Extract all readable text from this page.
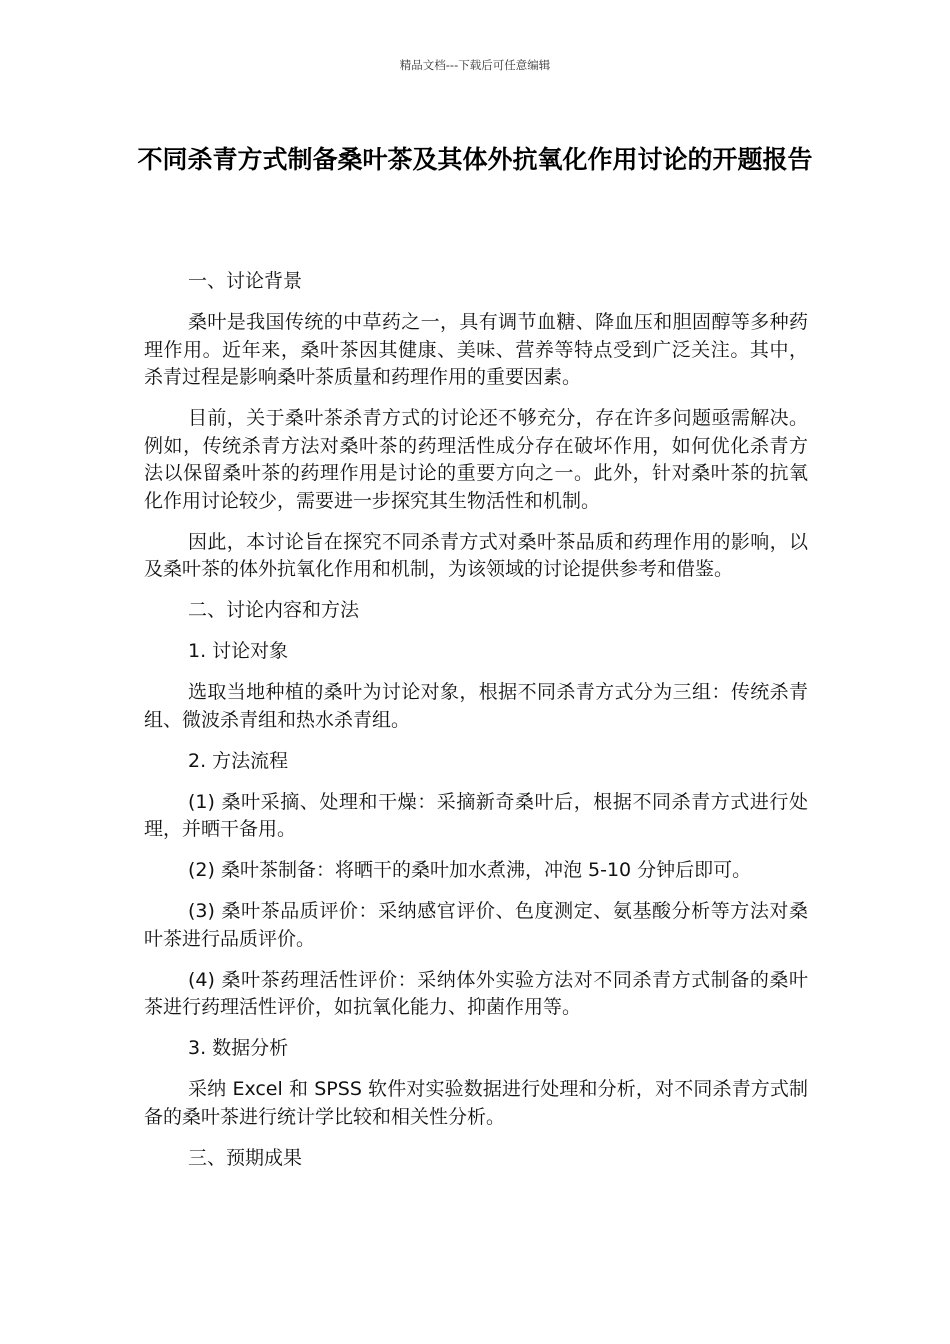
精品文档---下载后可任意编辑
不同杀青方式制备桑叶茶及其体外抗氧化作用讨论的开题报告

一、讨论背景

桑叶是我国传统的中草药之一，具有调节血糖、降血压和胆固醇等多种药理作用。近年来，桑叶茶因其健康、美味、营养等特点受到广泛关注。其中，杀青过程是影响桑叶茶质量和药理作用的重要因素。

目前，关于桑叶茶杀青方式的讨论还不够充分，存在许多问题亟需解决。例如，传统杀青方法对桑叶茶的药理活性成分存在破坏作用，如何优化杀青方法以保留桑叶茶的药理作用是讨论的重要方向之一。此外，针对桑叶茶的抗氧化作用讨论较少，需要进一步探究其生物活性和机制。

因此，本讨论旨在探究不同杀青方式对桑叶茶品质和药理作用的影响，以及桑叶茶的体外抗氧化作用和机制，为该领域的讨论提供参考和借鉴。

二、讨论内容和方法

1. 讨论对象

选取当地种植的桑叶为讨论对象，根据不同杀青方式分为三组：传统杀青组、微波杀青组和热水杀青组。

2. 方法流程

(1) 桑叶采摘、处理和干燥：采摘新奇桑叶后，根据不同杀青方式进行处理，并晒干备用。

(2) 桑叶茶制备：将晒干的桑叶加水煮沸，冲泡 5-10 分钟后即可。

(3) 桑叶茶品质评价：采纳感官评价、色度测定、氨基酸分析等方法对桑叶茶进行品质评价。

(4) 桑叶茶药理活性评价：采纳体外实验方法对不同杀青方式制备的桑叶茶进行药理活性评价，如抗氧化能力、抑菌作用等。

3. 数据分析

采纳 Excel 和 SPSS 软件对实验数据进行处理和分析，对不同杀青方式制备的桑叶茶进行统计学比较和相关性分析。

三、预期成果
